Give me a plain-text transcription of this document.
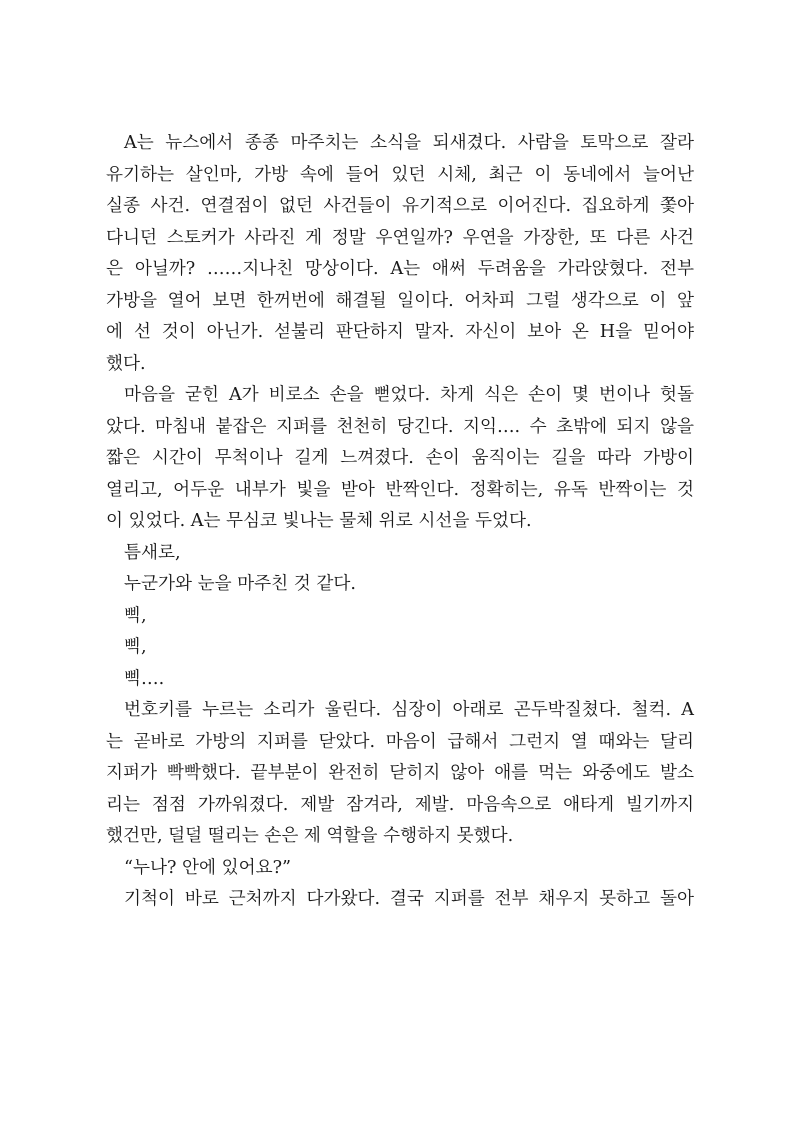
A는 뉴스에서 종종 마주치는 소식을 되새겼다. 사람을 토막으로 잘라
유기하는 살인마, 가방 속에 들어 있던 시체, 최근 이 동네에서 늘어난
실종 사건. 연결점이 없던 사건들이 유기적으로 이어진다. 집요하게 쫓아
다니던 스토커가 사라진 게 정말 우연일까? 우연을 가장한, 또 다른 사건
은 아닐까? ……지나친 망상이다. A는 애써 두려움을 가라앉혔다. 전부
가방을 열어 보면 한꺼번에 해결될 일이다. 어차피 그럴 생각으로 이 앞
에 선 것이 아닌가. 섣불리 판단하지 말자. 자신이 보아 온 H을 믿어야
했다.
마음을 굳힌 A가 비로소 손을 뻗었다. 차게 식은 손이 몇 번이나 헛돌
았다. 마침내 붙잡은 지퍼를 천천히 당긴다. 지익…. 수 초밖에 되지 않을
짧은 시간이 무척이나 길게 느껴졌다. 손이 움직이는 길을 따라 가방이
열리고, 어두운 내부가 빛을 받아 반짝인다. 정확히는, 유독 반짝이는 것
이 있었다. A는 무심코 빛나는 물체 위로 시선을 두었다.
틈새로,
누군가와 눈을 마주친 것 같다.
삑,
삑,
삑….
번호키를 누르는 소리가 울린다. 심장이 아래로 곤두박질쳤다. 철컥. A
는 곧바로 가방의 지퍼를 닫았다. 마음이 급해서 그런지 열 때와는 달리
지퍼가 빡빡했다. 끝부분이 완전히 닫히지 않아 애를 먹는 와중에도 발소
리는 점점 가까워졌다. 제발 잠겨라, 제발. 마음속으로 애타게 빌기까지
했건만, 덜덜 떨리는 손은 제 역할을 수행하지 못했다.
“누나? 안에 있어요?”
기척이 바로 근처까지 다가왔다. 결국 지퍼를 전부 채우지 못하고 돌아
